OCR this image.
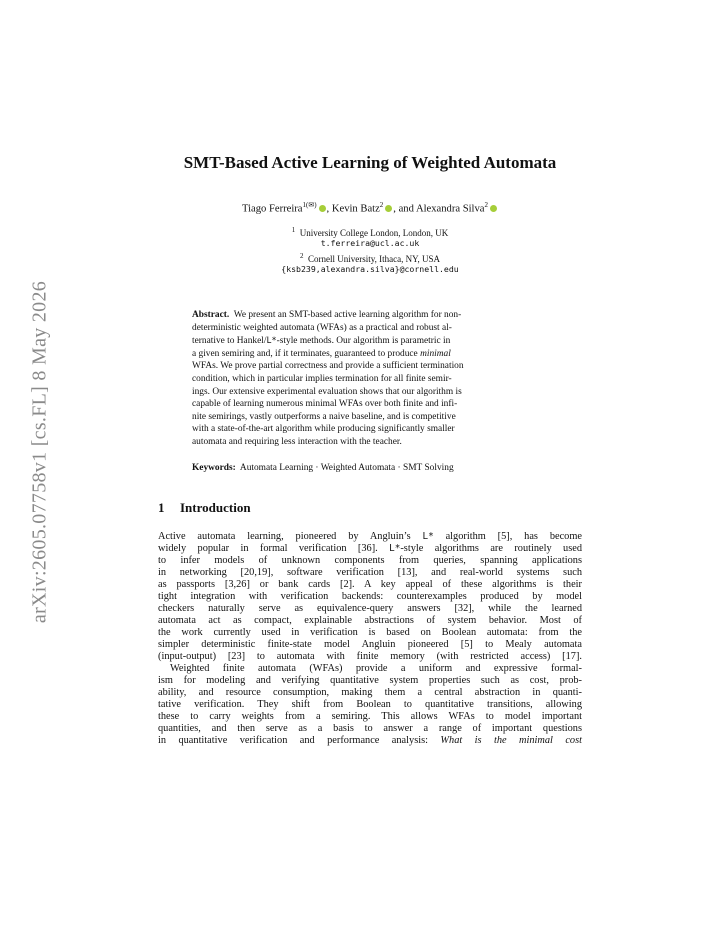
arXiv:2605.07758v1 [cs.FL] 8 May 2026
SMT-Based Active Learning of Weighted Automata
Tiago Ferreira$^{1(✉)}$ , Kevin Batz$^2$ , and Alexandra Silva$^2$
$^1$ University College London, London, UK
t.ferreira@ucl.ac.uk
$^2$ Cornell University, Ithaca, NY, USA
{ksb239,alexandra.silva}@cornell.edu
Abstract. We present an SMT-based active learning algorithm for non-
deterministic weighted automata (WFAs) as a practical and robust al-
ternative to Hankel/L*-style methods. Our algorithm is parametric in
a given semiring and, if it terminates, guaranteed to produce minimal
WFAs. We prove partial correctness and provide a sufficient termination
condition, which in particular implies termination for all finite semir-
ings. Our extensive experimental evaluation shows that our algorithm is
capable of learning numerous minimal WFAs over both finite and infi-
nite semirings, vastly outperforms a naive baseline, and is competitive
with a state-of-the-art algorithm while producing significantly smaller
automata and requiring less interaction with the teacher.
Keywords: Automata Learning · Weighted Automata · SMT Solving
1 Introduction
Active automata learning, pioneered by Angluin’s L* algorithm [5], has become
widely popular in formal verification [36]. L*-style algorithms are routinely used
to infer models of unknown components from queries, spanning applications
in networking [20,19], software verification [13], and real-world systems such
as passports [3,26] or bank cards [2]. A key appeal of these algorithms is their
tight integration with verification backends: counterexamples produced by model
checkers naturally serve as equivalence-query answers [32], while the learned
automata act as compact, explainable abstractions of system behavior. Most of
the work currently used in verification is based on Boolean automata: from the
simpler deterministic finite-state model Angluin pioneered [5] to Mealy automata
(input-output) [23] to automata with finite memory (with restricted access) [17].
Weighted finite automata (WFAs) provide a uniform and expressive formal-
ism for modeling and verifying quantitative system properties such as cost, prob-
ability, and resource consumption, making them a central abstraction in quanti-
tative verification. They shift from Boolean to quantitative transitions, allowing
these to carry weights from a semiring. This allows WFAs to model important
quantities, and then serve as a basis to answer a range of important questions
in quantitative verification and performance analysis: What is the minimal cost
